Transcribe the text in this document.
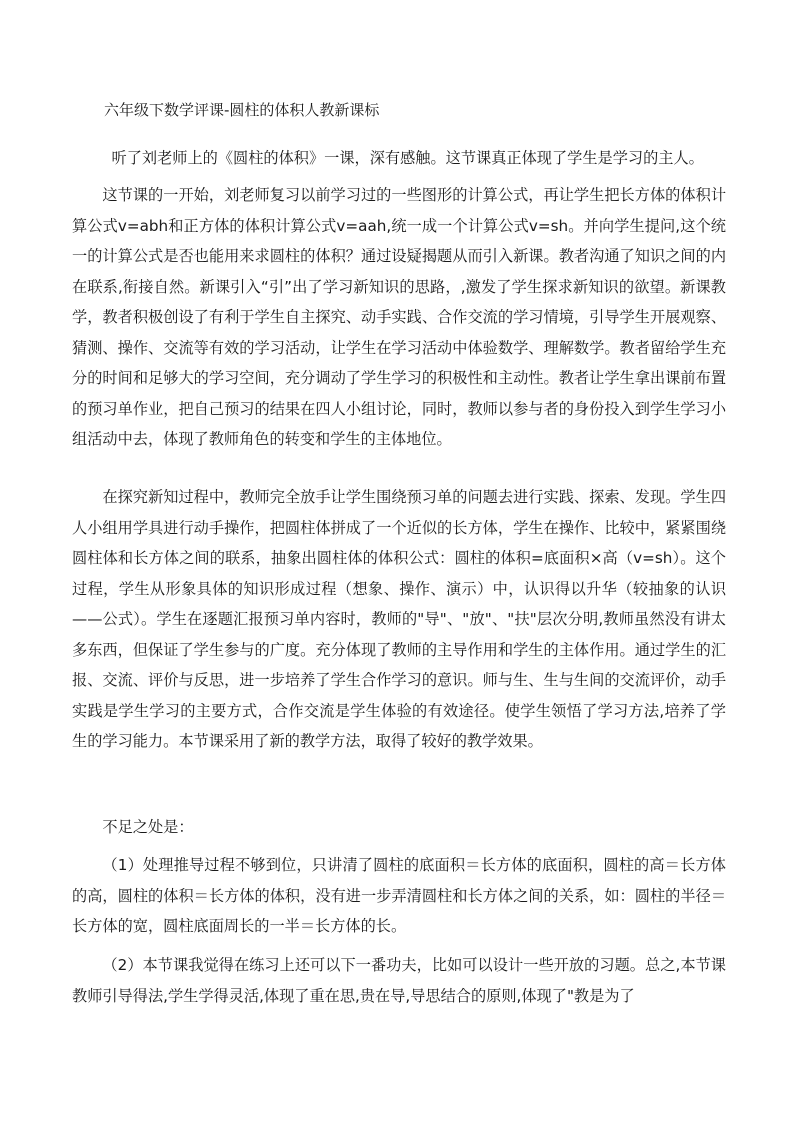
六年级下数学评课-圆柱的体积人教新课标

听了刘老师上的《圆柱的体积》一课，深有感触。这节课真正体现了学生是学习的主人。

这节课的一开始，刘老师复习以前学习过的一些图形的计算公式，再让学生把长方体的体积计算公式v=abh和正方体的体积计算公式v=aah,统一成一个计算公式v=sh。并向学生提问,这个统一的计算公式是否也能用来求圆柱的体积？通过设疑揭题从而引入新课。教者沟通了知识之间的内在联系,衔接自然。新课引入“引”出了学习新知识的思路，,激发了学生探求新知识的欲望。新课教学，教者积极创设了有利于学生自主探究、动手实践、合作交流的学习情境，引导学生开展观察、猜测、操作、交流等有效的学习活动，让学生在学习活动中体验数学、理解数学。教者留给学生充分的时间和足够大的学习空间，充分调动了学生学习的积极性和主动性。教者让学生拿出课前布置的预习单作业，把自己预习的结果在四人小组讨论，同时，教师以参与者的身份投入到学生学习小组活动中去，体现了教师角色的转变和学生的主体地位。

在探究新知过程中，教师完全放手让学生围绕预习单的问题去进行实践、探索、发现。学生四人小组用学具进行动手操作，把圆柱体拼成了一个近似的长方体，学生在操作、比较中，紧紧围绕圆柱体和长方体之间的联系，抽象出圆柱体的体积公式：圆柱的体积=底面积×高（v=sh）。这个过程，学生从形象具体的知识形成过程（想象、操作、演示）中，认识得以升华（较抽象的认识——公式）。学生在逐题汇报预习单内容时，教师的"导"、"放"、"扶"层次分明,教师虽然没有讲太多东西，但保证了学生参与的广度。充分体现了教师的主导作用和学生的主体作用。通过学生的汇报、交流、评价与反思，进一步培养了学生合作学习的意识。师与生、生与生间的交流评价，动手实践是学生学习的主要方式，合作交流是学生体验的有效途径。使学生领悟了学习方法,培养了学生的学习能力。本节课采用了新的教学方法，取得了较好的教学效果。

不足之处是：

（1）处理推导过程不够到位，只讲清了圆柱的底面积＝长方体的底面积，圆柱的高＝长方体的高，圆柱的体积＝长方体的体积，没有进一步弄清圆柱和长方体之间的关系，如：圆柱的半径＝长方体的宽，圆柱底面周长的一半＝长方体的长。

（2）本节课我觉得在练习上还可以下一番功夫，比如可以设计一些开放的习题。总之,本节课教师引导得法,学生学得灵活,体现了重在思,贵在导,导思结合的原则,体现了"教是为了
